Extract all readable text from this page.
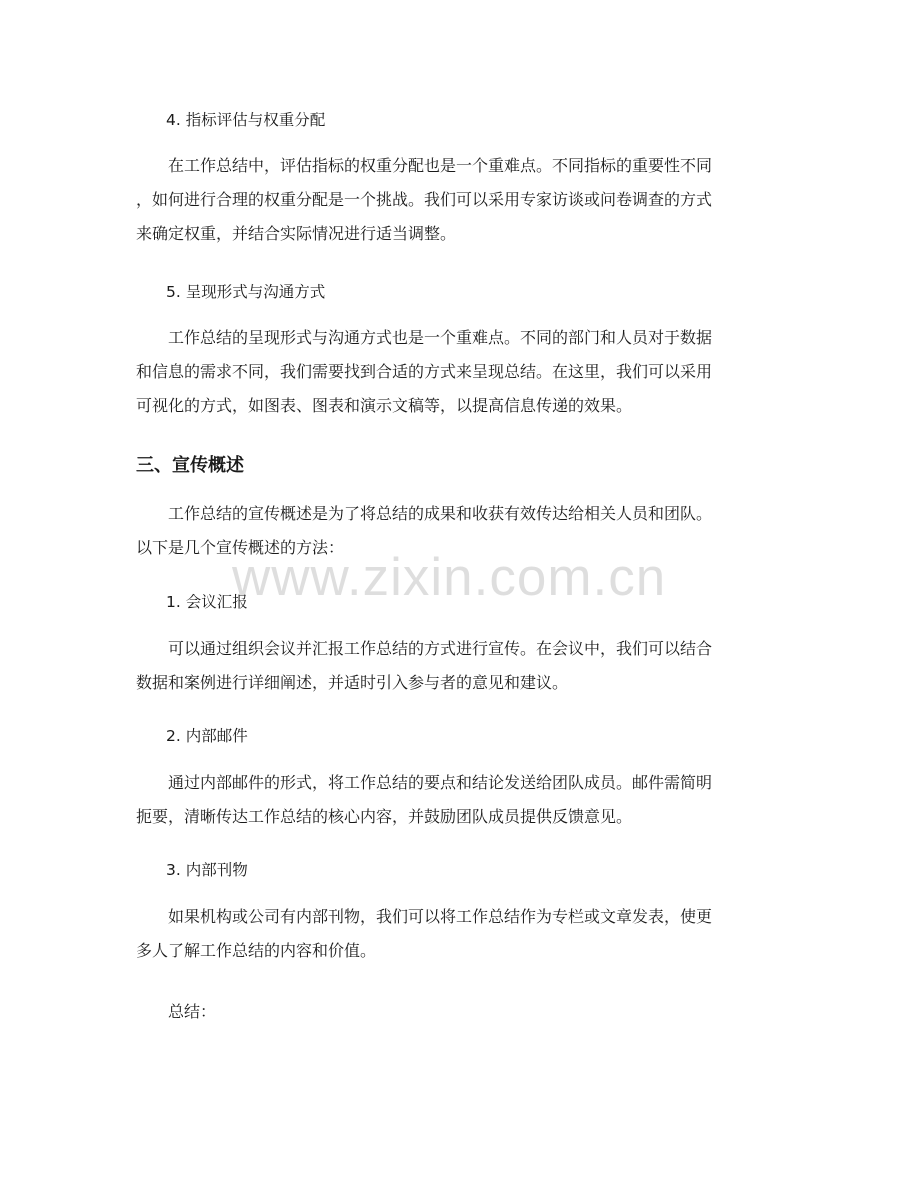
4. 指标评估与权重分配

在工作总结中，评估指标的权重分配也是一个重难点。不同指标的重要性不同
，如何进行合理的权重分配是一个挑战。我们可以采用专家访谈或问卷调查的方式
来确定权重，并结合实际情况进行适当调整。

5. 呈现形式与沟通方式

工作总结的呈现形式与沟通方式也是一个重难点。不同的部门和人员对于数据
和信息的需求不同，我们需要找到合适的方式来呈现总结。在这里，我们可以采用
可视化的方式，如图表、图表和演示文稿等，以提高信息传递的效果。

三、宣传概述

工作总结的宣传概述是为了将总结的成果和收获有效传达给相关人员和团队。
以下是几个宣传概述的方法：
www.zixin.com.cn

1. 会议汇报

可以通过组织会议并汇报工作总结的方式进行宣传。在会议中，我们可以结合
数据和案例进行详细阐述，并适时引入参与者的意见和建议。

2. 内部邮件

通过内部邮件的形式，将工作总结的要点和结论发送给团队成员。邮件需简明
扼要，清晰传达工作总结的核心内容，并鼓励团队成员提供反馈意见。

3. 内部刊物

如果机构或公司有内部刊物，我们可以将工作总结作为专栏或文章发表，使更
多人了解工作总结的内容和价值。
总结：
